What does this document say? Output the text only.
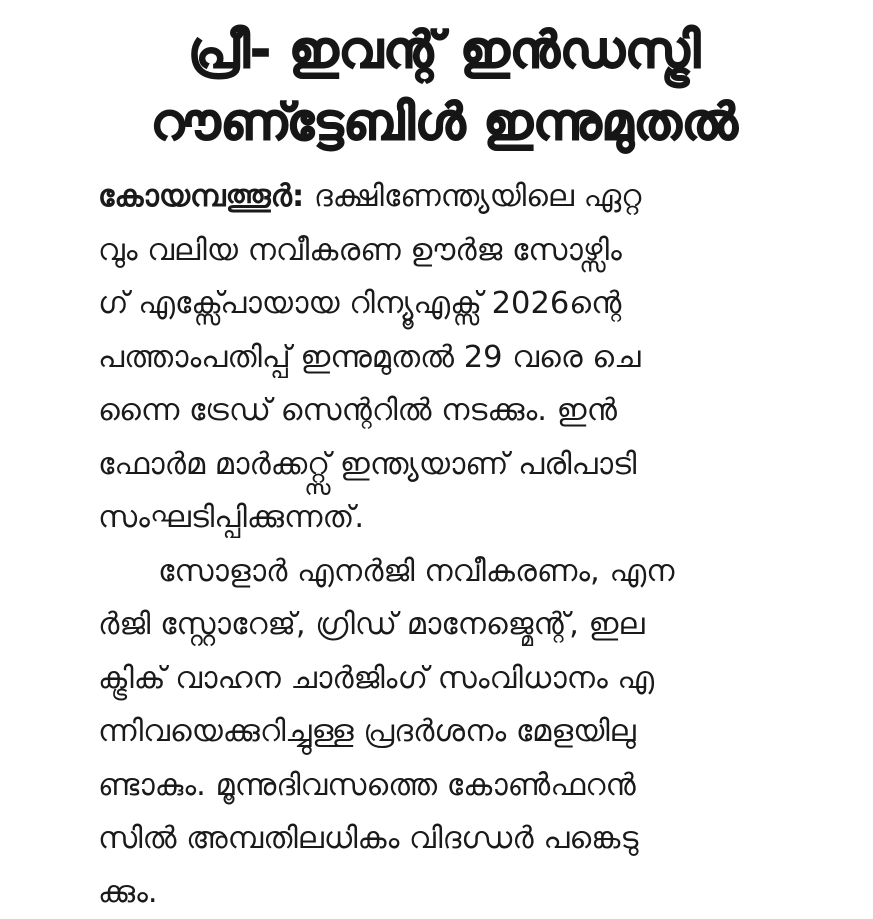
പ്രീ- ഇവന്റ് ഇൻഡസ്ട്രി
റൗണ്ട്ടേബിൾ ഇന്നുമുതൽ
കോയമ്പത്തൂർ: ദക്ഷിണേന്ത്യയിലെ ഏറ്റ
വും വലിയ നവീകരണ ഊർജ സോഴ്സിം
ഗ് എക്സ്പോയായ റിന്യൂഎക്സ് 2026ന്റെ
പത്താംപതിപ്പ് ഇന്നുമുതൽ 29 വരെ ചെ
ന്നൈ ട്രേഡ് സെന്ററിൽ നടക്കും. ഇൻ
ഫോർമ മാർക്കറ്റ്സ് ഇന്ത്യയാണ് പരിപാടി
സംഘടിപ്പിക്കുന്നത്.
സോളാർ എനർജി നവീകരണം, എന
ർജി സ്റ്റോറേജ്, ഗ്രിഡ് മാനേജ്മെന്റ്, ഇല
ക്ട്രിക് വാഹന ചാർജിംഗ് സംവിധാനം എ
ന്നിവയെക്കുറിച്ചുള്ള പ്രദർശനം മേളയിലു
ണ്ടാകും. മൂന്നുദിവസത്തെ കോൺഫറൻ
സിൽ അമ്പതിലധികം വിദഗ്ധർ പങ്കെടു
ക്കും.
